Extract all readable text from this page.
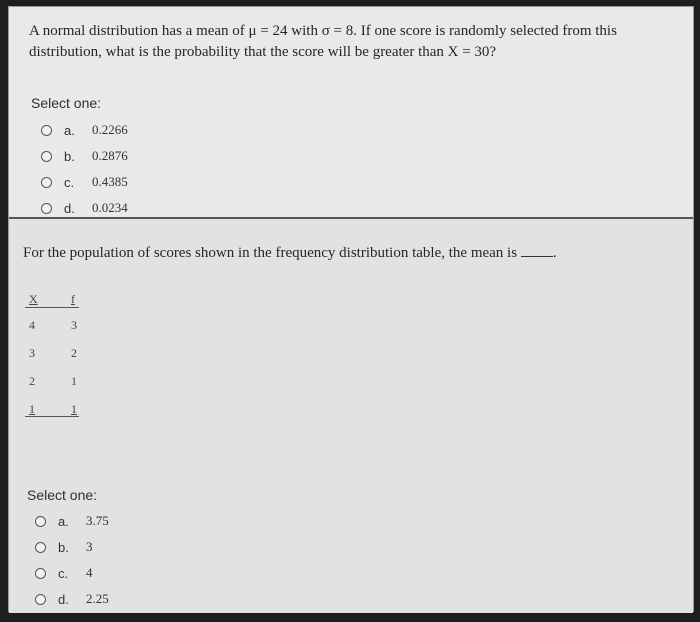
A normal distribution has a mean of μ = 24 with σ = 8. If one score is randomly selected from this distribution, what is the probability that the score will be greater than X = 30?
Select one:
a.	0.2266
b.	0.2876
c.	0.4385
d.	0.0234
For the population of scores shown in the frequency distribution table, the mean is .
X	f
4	3
3	2
2	1
1	1
Select one:
a.	3.75
b.	3
c.	4
d.	2.25
